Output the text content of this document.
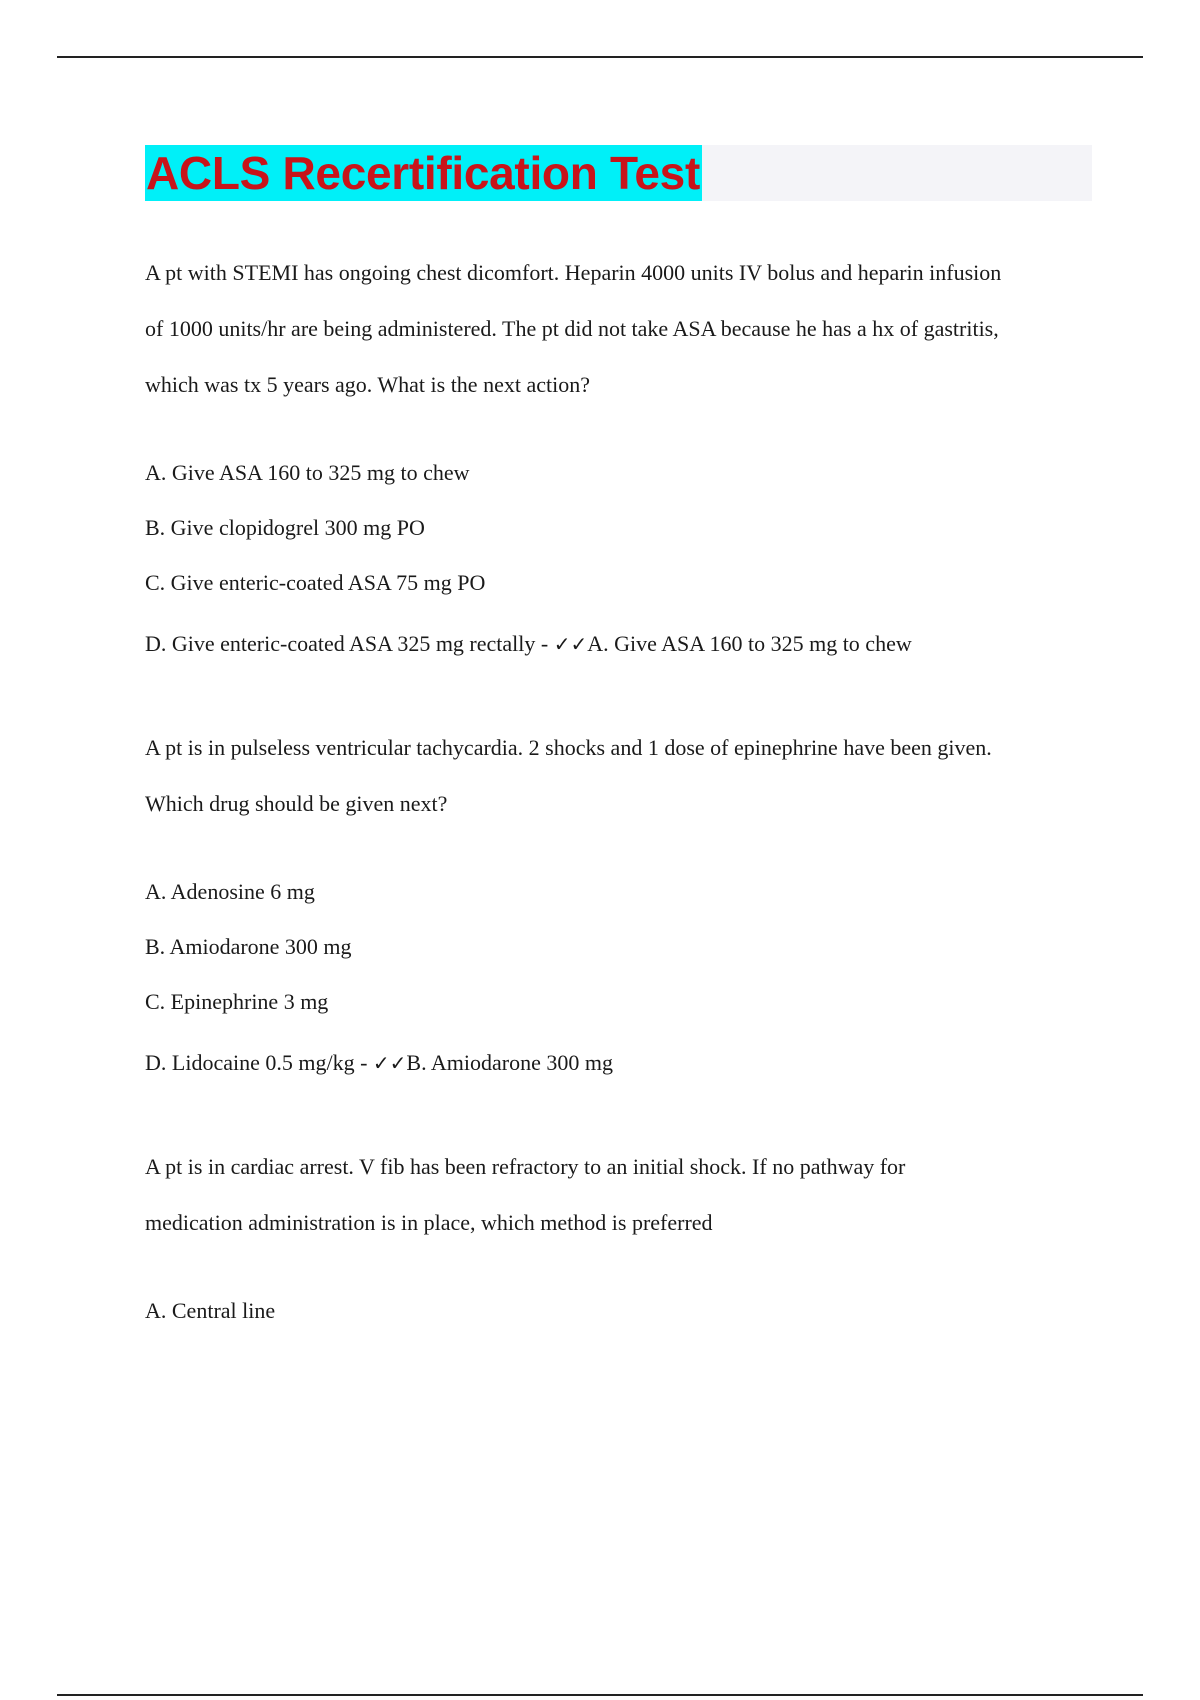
ACLS Recertification Test

A pt with STEMI has ongoing chest dicomfort. Heparin 4000 units IV bolus and heparin infusion
of 1000 units/hr are being administered. The pt did not take ASA because he has a hx of gastritis,
which was tx 5 years ago. What is the next action?

A. Give ASA 160 to 325 mg to chew
B. Give clopidogrel 300 mg PO
C. Give enteric-coated ASA 75 mg PO
D. Give enteric-coated ASA 325 mg rectally - ✓✓A. Give ASA 160 to 325 mg to chew

A pt is in pulseless ventricular tachycardia. 2 shocks and 1 dose of epinephrine have been given.
Which drug should be given next?

A. Adenosine 6 mg
B. Amiodarone 300 mg
C. Epinephrine 3 mg
D. Lidocaine 0.5 mg/kg - ✓✓B. Amiodarone 300 mg

A pt is in cardiac arrest. V fib has been refractory to an initial shock. If no pathway for
medication administration is in place, which method is preferred

A. Central line
